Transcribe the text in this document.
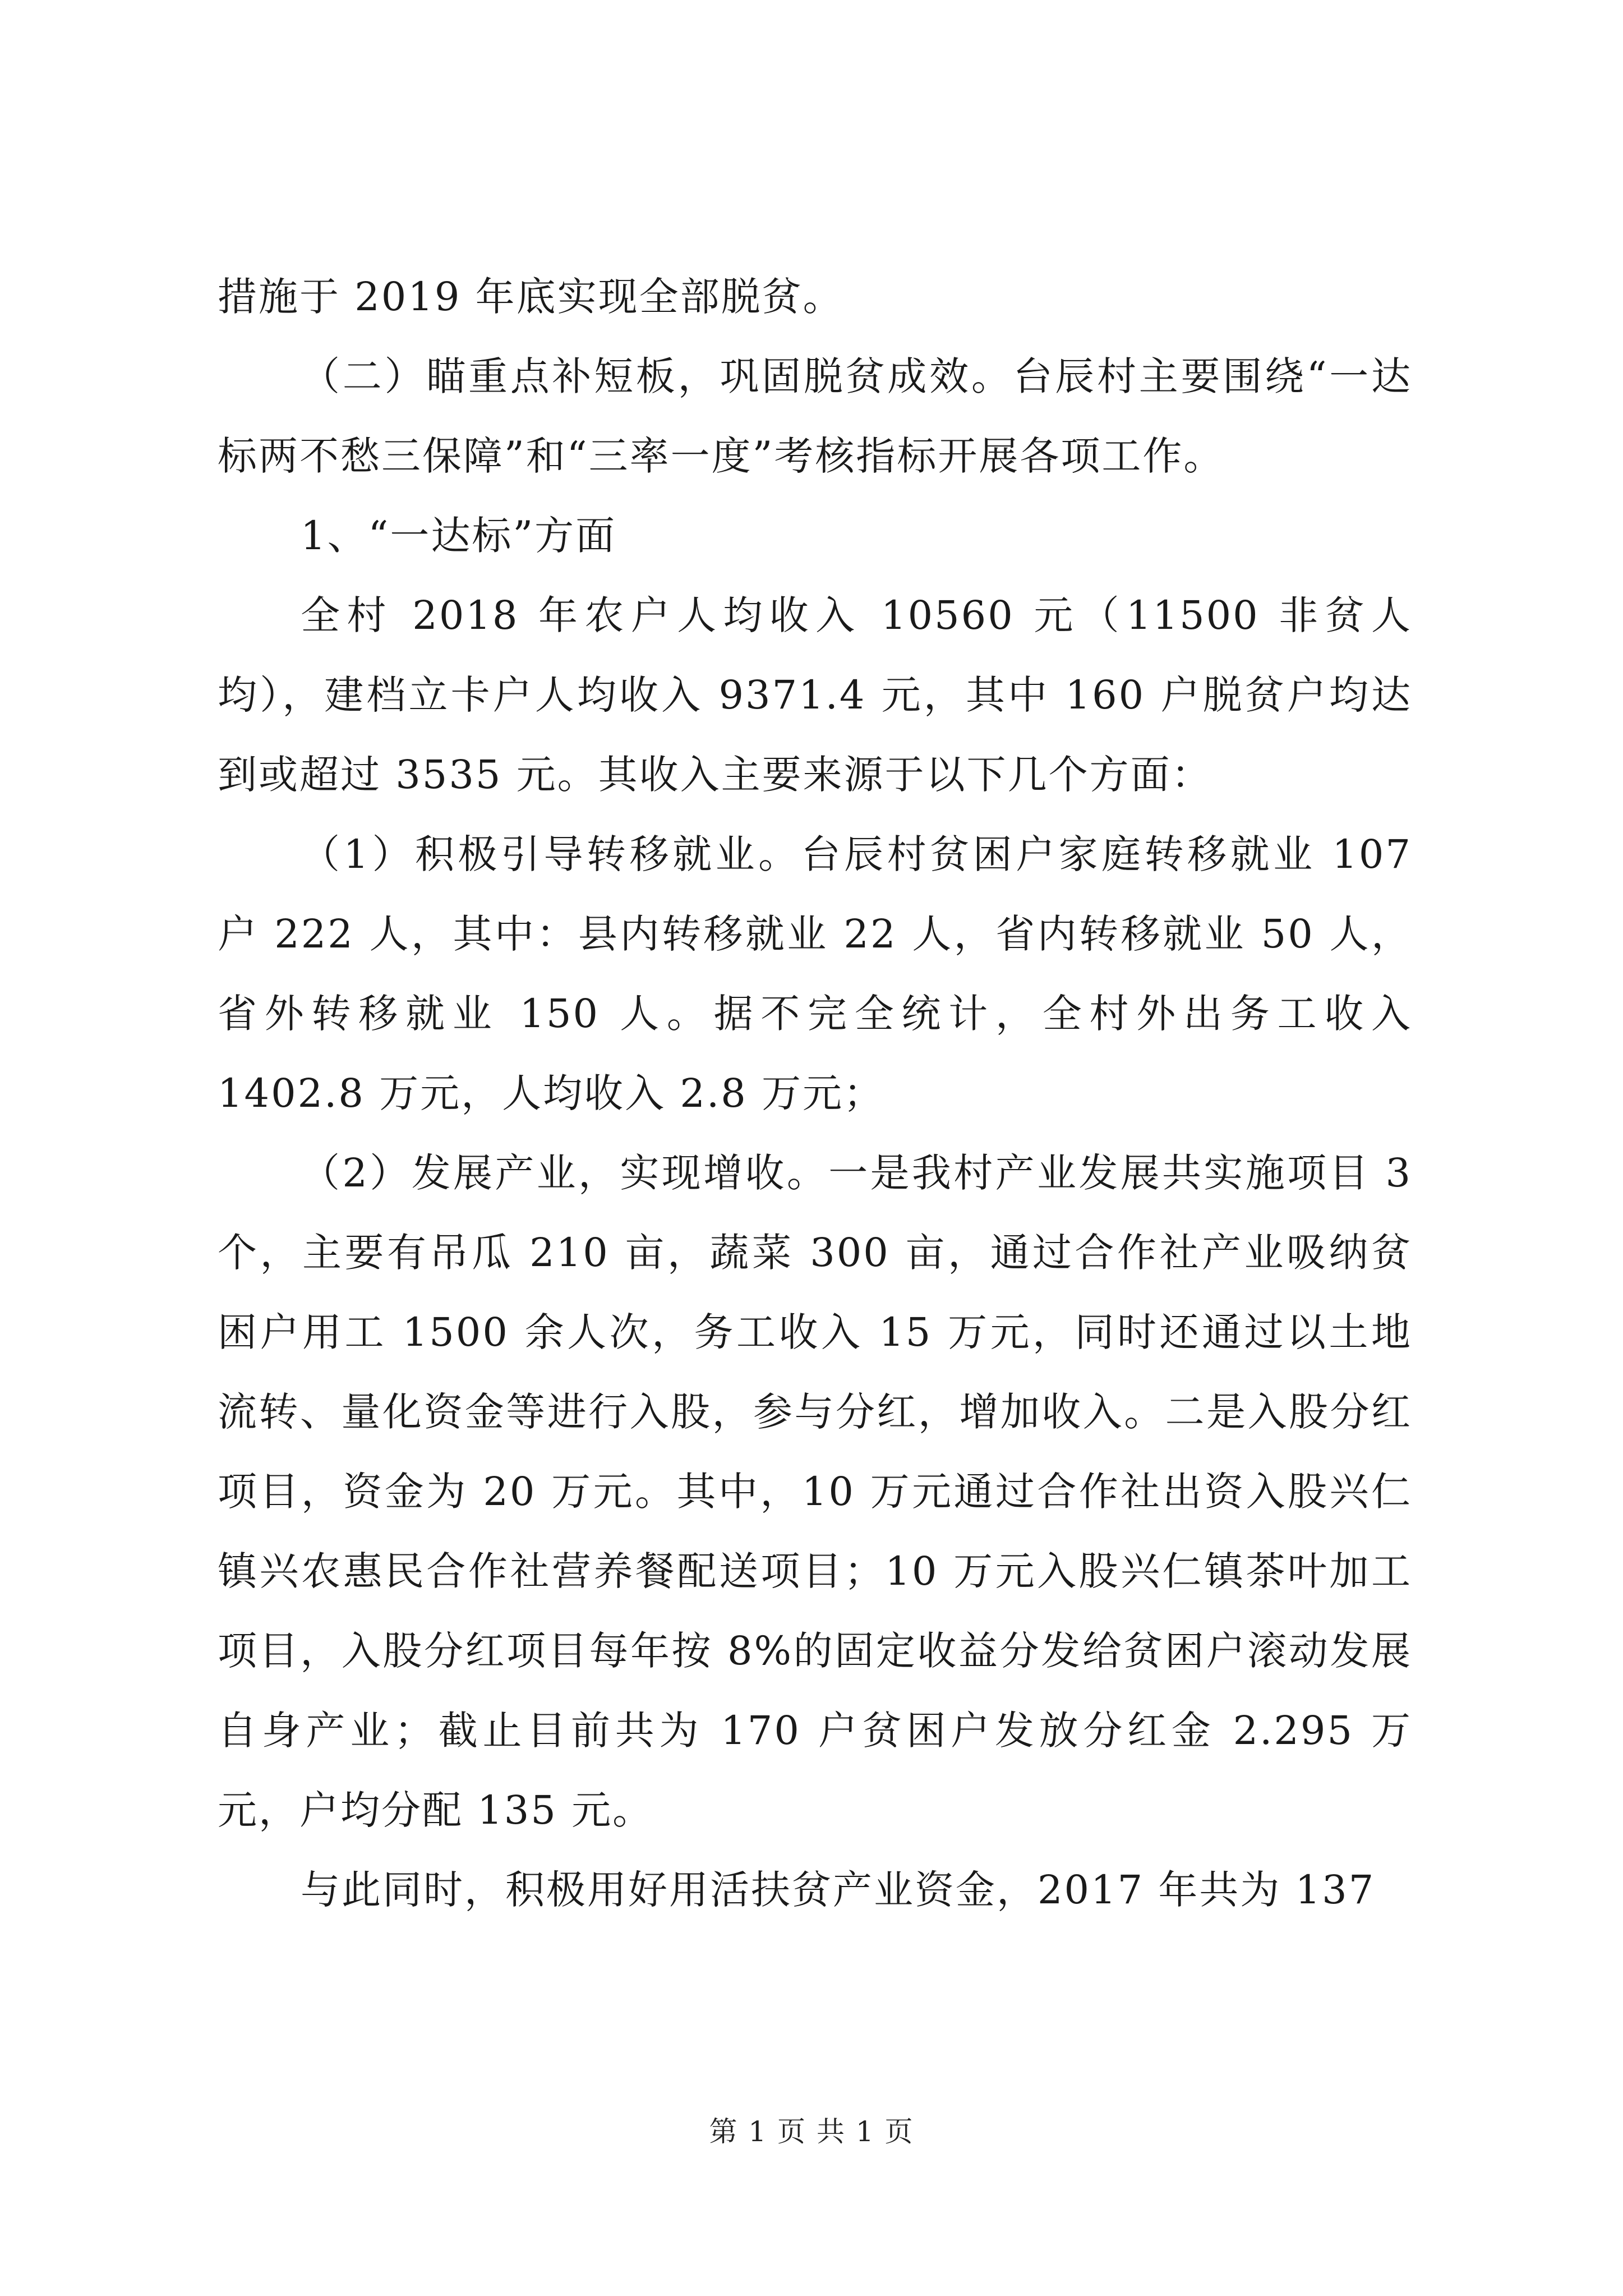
措施于 2019 年底实现全部脱贫。

（二）瞄重点补短板，巩固脱贫成效。台辰村主要围绕“一达标两不愁三保障”和“三率一度”考核指标开展各项工作。

1、“一达标”方面

全村 2018 年农户人均收入 10560 元（11500 非贫人均），建档立卡户人均收入 9371.4 元，其中 160 户脱贫户均达到或超过 3535 元。其收入主要来源于以下几个方面：

（1）积极引导转移就业。台辰村贫困户家庭转移就业 107 户 222 人，其中：县内转移就业 22 人，省内转移就业 50 人，省外转移就业 150 人。据不完全统计，全村外出务工收入 1402.8 万元，人均收入 2.8 万元；

（2）发展产业，实现增收。一是我村产业发展共实施项目 3 个，主要有吊瓜 210 亩，蔬菜 300 亩，通过合作社产业吸纳贫困户用工 1500 余人次，务工收入 15 万元，同时还通过以土地流转、量化资金等进行入股，参与分红，增加收入。二是入股分红项目，资金为 20 万元。其中，10 万元通过合作社出资入股兴仁镇兴农惠民合作社营养餐配送项目；10 万元入股兴仁镇茶叶加工项目，入股分红项目每年按 8%的固定收益分发给贫困户滚动发展自身产业；截止目前共为 170 户贫困户发放分红金 2.295 万元，户均分配 135 元。

与此同时，积极用好用活扶贫产业资金，2017 年共为 137

第 1 页 共 1 页
